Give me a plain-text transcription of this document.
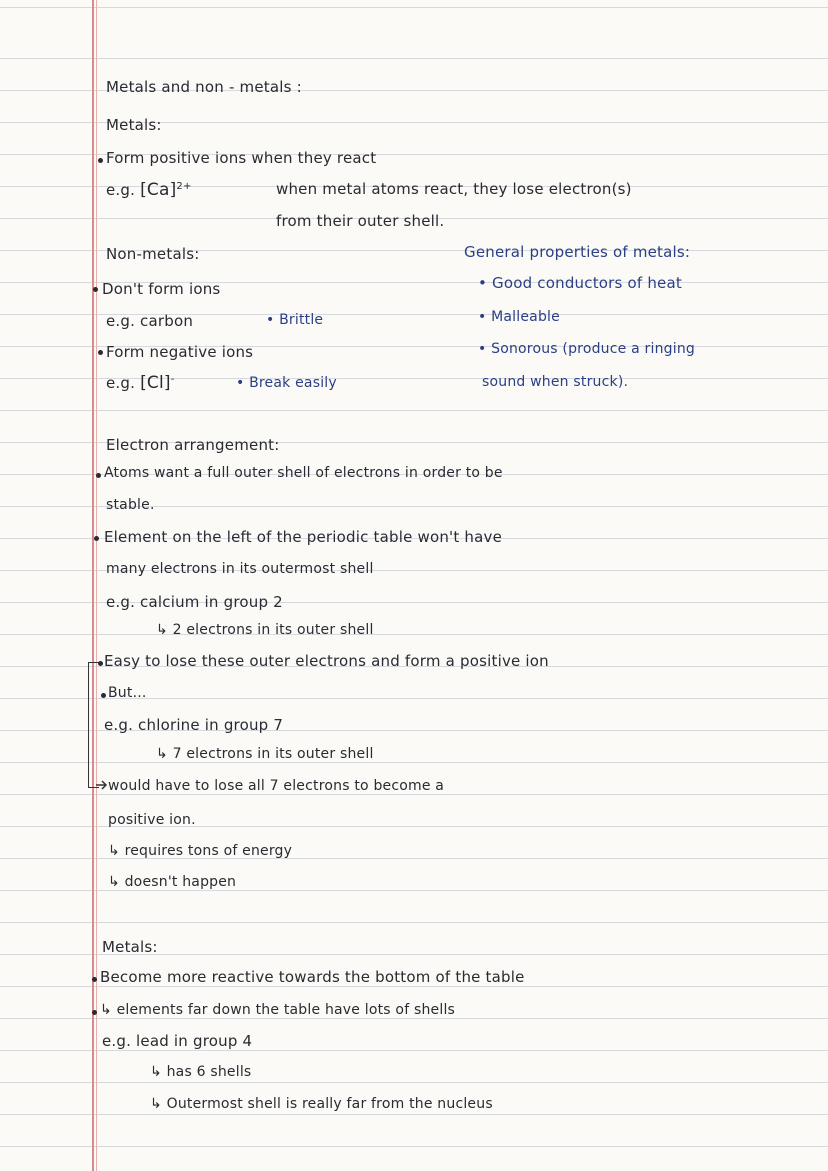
Metals and non - metals :
Metals:
Form positive ions when they react
e.g. $[Ca]^{2+}$	when metal atoms react, they lose electron(s)
from their outer shell.
Non-metals:
Don't form ions
e.g. carbon	• Brittle
Form negative ions
e.g. [Cl]-	• Break easily
General properties of metals:
• Good conductors of heat
• Malleable
• Sonorous (produce a ringing
sound when struck).
Electron arrangement:
Atoms want a full outer shell of electrons in order to be
stable.
Element on the left of the periodic table won't have
many electrons in its outermost shell
e.g. calcium in group 2
↳ 2 electrons in its outer shell
Easy to lose these outer electrons and form a positive ion
But...
e.g. chlorine in group 7
↳ 7 electrons in its outer shell
would have to lose all 7 electrons to become a
positive ion.
↳ requires tons of energy
↳ doesn't happen
Metals:
Become more reactive towards the bottom of the table
↳ elements far down the table have lots of shells
e.g. lead in group 4
↳ has 6 shells
↳ Outermost shell is really far from the nucleus
